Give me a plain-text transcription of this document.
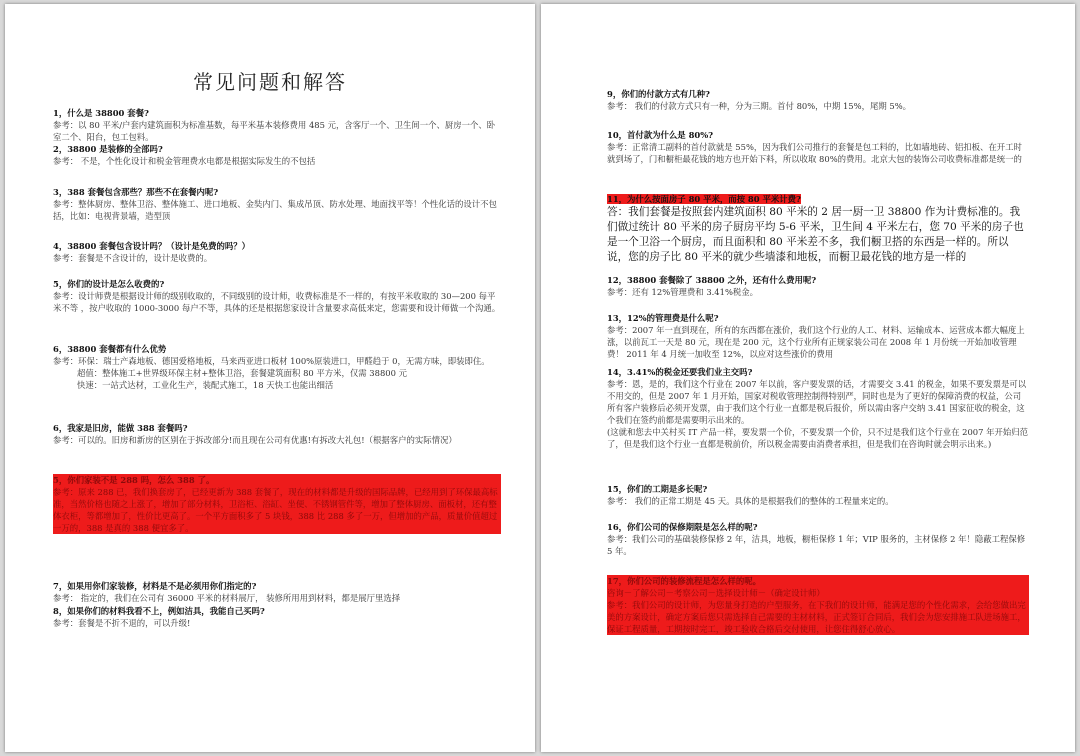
常见问题和解答
1，什么是 38800 套餐?
参考：以 80 平米/户套内建筑面积为标准基数，每平米基本装修费用 485 元，含客厅一个、卫生间一个、厨房一个、卧室二个、阳台，包工包料。
2，38800 是装修的全部吗?
参考： 不是，个性化设计和税金管理费水电都是根据实际发生的不包括
3，388 套餐包含那些？那些不在套餐内呢?
参考：整体厨房、整体卫浴、整体施工、进口地板、金奘内门、集成吊顶、防水处理、地面找平等！个性化话的设计不包括，比如：电视背景墙，造型顶
4，38800 套餐包含设计吗？（设计是免费的吗？）
参考：套餐是不含设计的，设计是收费的。
5，你们的设计是怎么收费的?
参考：设计师费是根据设计师的级别收取的，不同级别的设计师，收费标准是不一样的，有按平米收取的 30—200 每平米不等 ，按户收取的 1000-3000 每户不等，具体的还是根据您家设计含量要求高低来定，您需要和设计师做一个沟通。
6，38800 套餐都有什么优势
参考：环保：瑞士产森地板、德国爱格地板，马来西亚进口板材 100%原装进口，甲醛趋于 0，无需方味，即装即住。
超值：整体施工+世界级环保主材+整体卫浴，套餐建筑面积 80 平方米，仅需 38800 元
快速：一站式达材，工业化生产，装配式施工，18 天快工也能出细活
6，我家是旧房，能做 388 套餐吗?
参考：可以的。旧房和新房的区别在于拆改部分!而且现在公司有优惠!有拆改大礼包!（根据客户的实际情况）
5，你们家装不是 288 吗，怎么 388 了。
参考：原来 288 已，我们换套房了，已经更新为 388 套餐了，现在的材料都是升级的国际品牌，已经用到了环保最高标准，当然价格也随之上涨了，增加了部分材料，卫浴柜、浴缸、坐便、不锈钢管件等，增加了整体厨房、面板材，还有整体衣柜，等都增加了，性价比更高了。一个平方面积多了 5 块钱，388 比 288 多了一万，但增加的产品，质量价值超过一万的，388 是真的 388 便宜多了。
7，如果用你们家装修，材料是不是必须用你们指定的?
参考： 指定的，我们在公司有 36000 平米的材料展厅， 装修所用用到材料，都是展厅里选择
8，如果你们的材料我看不上，例如洁具，我能自己买吗?
参考：套餐是不折不退的，可以升级!
9，你们的付款方式有几种?
参考： 我们的付款方式只有一种，分为三期。首付 80%，中期 15%，尾期 5%。
10，首付款为什么是 80%?
参考：正常清工副料的首付款就是 55%，因为我们公司推行的套餐是包工料的，比如墙地砖、铝扣板、在开工时就到场了，门和橱柜最花钱的地方也开始下料，所以收取 80%的费用。北京大包的装饰公司收费标准都是统一的
11，为什么按面房子 80 平米，而按 80 平米计费?
答：我们套餐是按照套内建筑面积 80 平米的 2 居一厨一卫 38800 作为计费标准的。我们做过统计 80 平米的房子厨房平均 5-6 平米，卫生间 4 平米左右，您 70 平米的房子也是一个卫浴一个厨房，而且面积和 80 平米差不多，我们橱卫搭的东西是一样的。所以说，您的房子比 80 平米的就少些墙漆和地板，而橱卫最花钱的地方是一样的
12，38800 套餐除了 38800 之外，还有什么费用呢?
参考：还有 12%管理费和 3.41%税金。
13，12%的管理费是什么呢?
参考：2007 年一直到现在，所有的东西都在涨价，我们这个行业的人工、材料、运输成本、运营成本都大幅度上涨，以前瓦工一天是 80 元，现在是 200 元，这个行业所有正规家装公司在 2008 年 1 月份统一开始加收管理费！ 2011 年 4 月统一加收至 12%，以应对这些涨价的费用
14，3.41%的税金还要我们业主交吗?
参考：恩，是的，我们这个行业在 2007 年以前，客户要发票的话，才需要交 3.41 的税金，如果不要发票是可以不用交的，但是 2007 年 1 月开始，国家对税收管理控制得特别严，同时也是为了更好的保障消费的权益，公司所有客户装修后必须开发票，由于我们这个行业一直都是税后报价，所以需由客户交纳 3.41 国家征收的税金，这个我们在签约前都是需要明示出来的。
(这就和您去中关村买 IT 产品一样，要发票一个价，不要发票一个价，只不过是我们这个行业在 2007 年开始归范了，但是我们这个行业一直都是税前价，所以税金需要由消费者承担，但是我们在咨询时就会明示出来。)
15，你们的工期是多长呢?
参考： 我们的正常工期是 45 天。具体的是根据我们的整体的工程量来定的。
16，你们公司的保修期限是怎么样的呢?
参考：我们公司的基础装修保修 2 年，洁具，地板，橱柜保修 1 年；VIP 服务的，主材保修 2 年！隐蔽工程保修 5 年。
17，你们公司的装修流程是怎么样的呢。
咨询－了解公司－考察公司－选择设计师－（确定设计师）
参考：我们公司的设计师，为您量身打造的户型服务，在下我们的设计师，能满足您的个性化需求，会给您做出完美的方案设计，确定方案后您只需选择自己需要的主材材料，正式签订合同后，我们会为您安排施工队进场施工，保证工程质量，工期按时完工，竣工验收合格后交付使用，让您住得舒心放心。
